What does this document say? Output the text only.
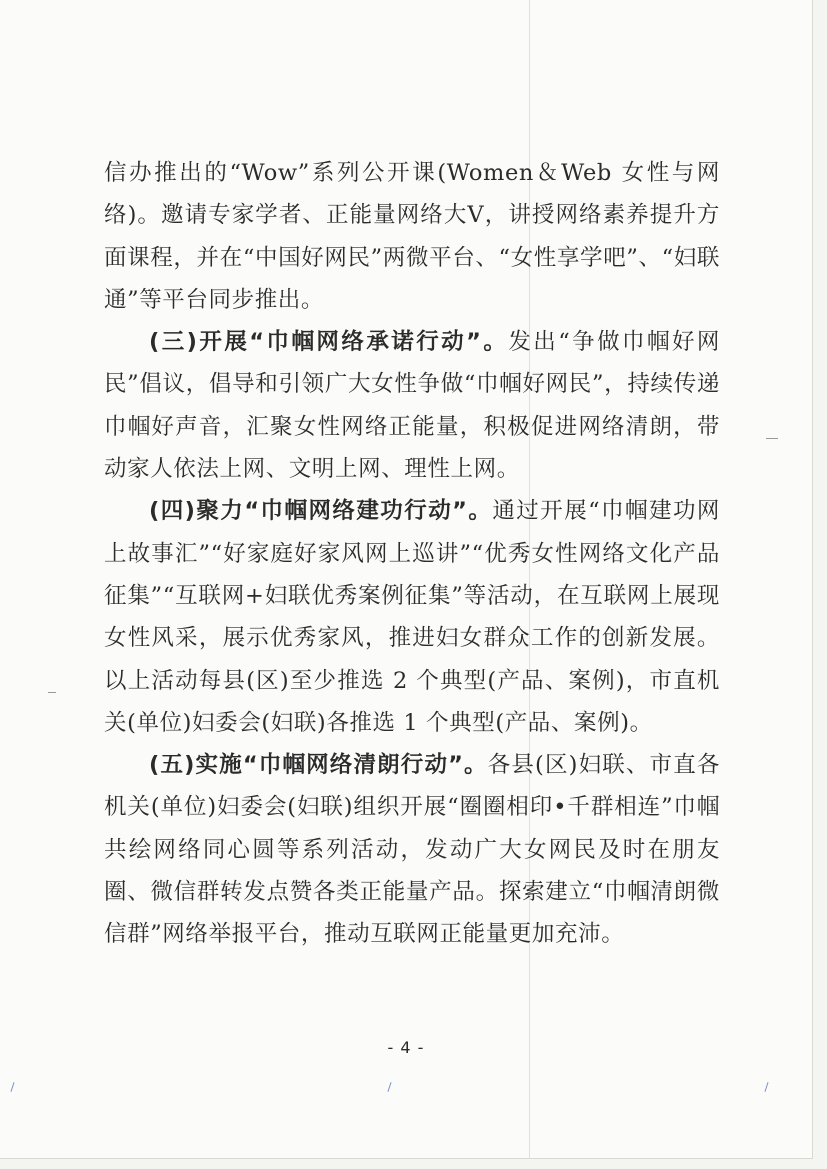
信办推出的“Wow”系列公开课(Women＆Web 女性与网络)。邀请专家学者、正能量网络大V，讲授网络素养提升方面课程，并在“中国好网民”两微平台、“女性享学吧”、“妇联通”等平台同步推出。

(三)开展“巾帼网络承诺行动”。发出“争做巾帼好网民”倡议，倡导和引领广大女性争做“巾帼好网民”，持续传递巾帼好声音，汇聚女性网络正能量，积极促进网络清朗，带动家人依法上网、文明上网、理性上网。

(四)聚力“巾帼网络建功行动”。通过开展“巾帼建功网上故事汇”“好家庭好家风网上巡讲”“优秀女性网络文化产品征集”“互联网+妇联优秀案例征集”等活动，在互联网上展现女性风采，展示优秀家风，推进妇女群众工作的创新发展。以上活动每县(区)至少推选 2 个典型(产品、案例)，市直机关(单位)妇委会(妇联)各推选 1 个典型(产品、案例)。

(五)实施“巾帼网络清朗行动”。各县(区)妇联、市直各机关(单位)妇委会(妇联)组织开展“圈圈相印•千群相连”巾帼共绘网络同心圆等系列活动，发动广大女网民及时在朋友圈、微信群转发点赞各类正能量产品。探索建立“巾帼清朗微信群”网络举报平台，推动互联网正能量更加充沛。

- 4 -
